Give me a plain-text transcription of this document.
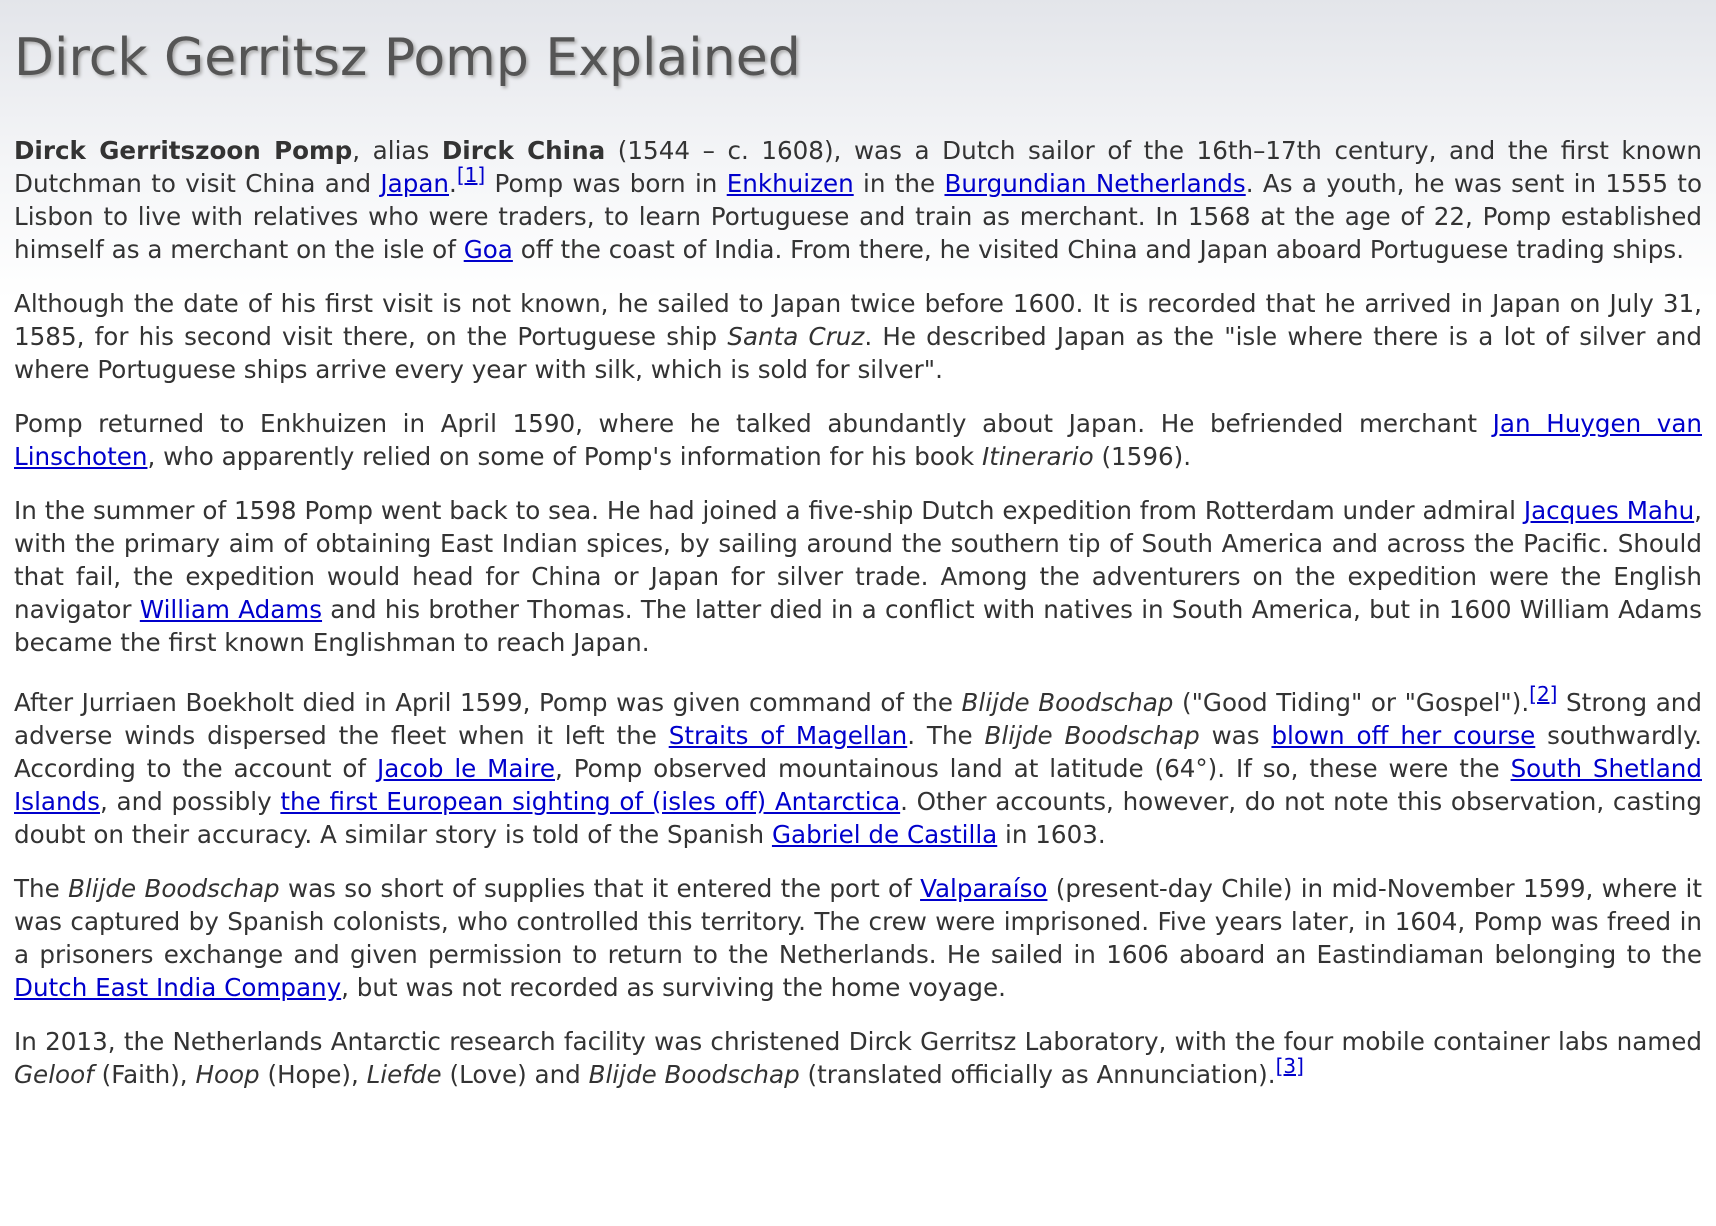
Dirck Gerritsz Pomp Explained

Dirck Gerritszoon Pomp, alias Dirck China (1544 – c. 1608), was a Dutch sailor of the 16th–17th century, and the first known Dutchman to visit China and Japan.[1] Pomp was born in Enkhuizen in the Burgundian Netherlands. As a youth, he was sent in 1555 to Lisbon to live with relatives who were traders, to learn Portuguese and train as merchant. In 1568 at the age of 22, Pomp established himself as a merchant on the isle of Goa off the coast of India. From there, he visited China and Japan aboard Portuguese trading ships.

Although the date of his first visit is not known, he sailed to Japan twice before 1600. It is recorded that he arrived in Japan on July 31, 1585, for his second visit there, on the Portuguese ship Santa Cruz. He described Japan as the "isle where there is a lot of silver and where Portuguese ships arrive every year with silk, which is sold for silver".

Pomp returned to Enkhuizen in April 1590, where he talked abundantly about Japan. He befriended merchant Jan Huygen van Linschoten, who apparently relied on some of Pomp's information for his book Itinerario (1596).

In the summer of 1598 Pomp went back to sea. He had joined a five-ship Dutch expedition from Rotterdam under admiral Jacques Mahu, with the primary aim of obtaining East Indian spices, by sailing around the southern tip of South America and across the Pacific. Should that fail, the expedition would head for China or Japan for silver trade. Among the adventurers on the expedition were the English navigator William Adams and his brother Thomas. The latter died in a conflict with natives in South America, but in 1600 William Adams became the first known Englishman to reach Japan.

After Jurriaen Boekholt died in April 1599, Pomp was given command of the Blijde Boodschap ("Good Tiding" or "Gospel").[2] Strong and adverse winds dispersed the fleet when it left the Straits of Magellan. The Blijde Boodschap was blown off her course southwardly. According to the account of Jacob le Maire, Pomp observed mountainous land at latitude (64°). If so, these were the South Shetland Islands, and possibly the first European sighting of (isles off) Antarctica. Other accounts, however, do not note this observation, casting doubt on their accuracy. A similar story is told of the Spanish Gabriel de Castilla in 1603.

The Blijde Boodschap was so short of supplies that it entered the port of Valparaíso (present-day Chile) in mid-November 1599, where it was captured by Spanish colonists, who controlled this territory. The crew were imprisoned. Five years later, in 1604, Pomp was freed in a prisoners exchange and given permission to return to the Netherlands. He sailed in 1606 aboard an Eastindiaman belonging to the Dutch East India Company, but was not recorded as surviving the home voyage.

In 2013, the Netherlands Antarctic research facility was christened Dirck Gerritsz Laboratory, with the four mobile container labs named Geloof (Faith), Hoop (Hope), Liefde (Love) and Blijde Boodschap (translated officially as Annunciation).[3]
